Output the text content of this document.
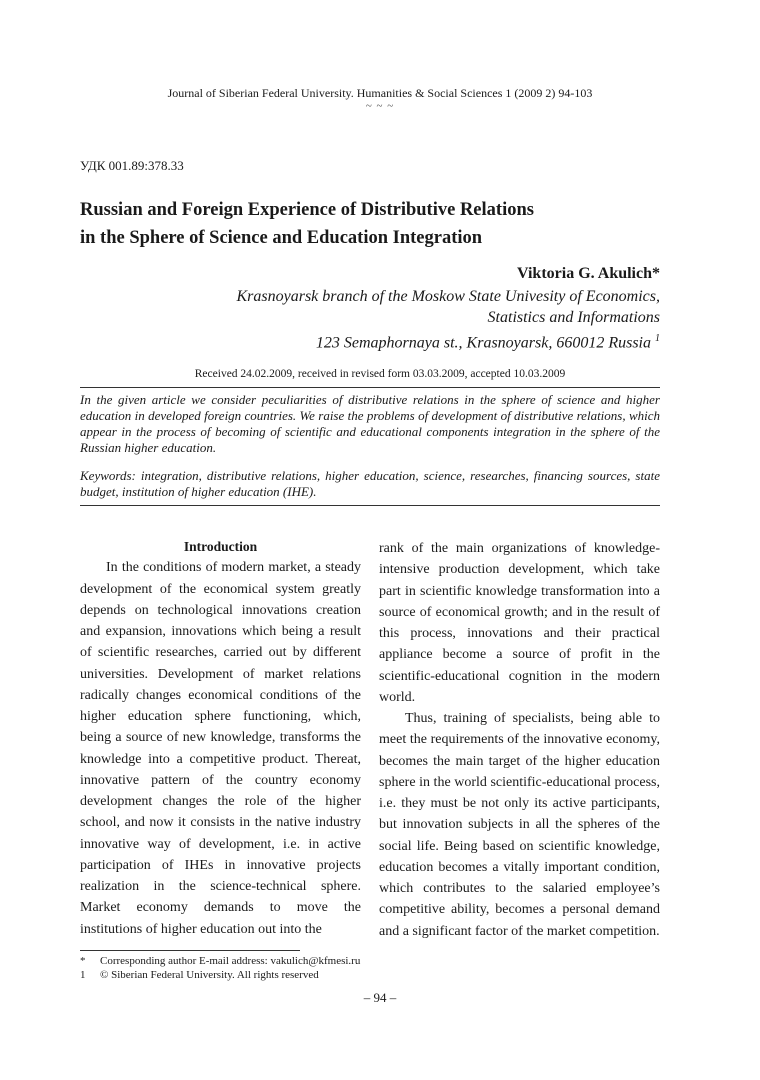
Journal of Siberian Federal University. Humanities & Social Sciences 1 (2009 2) 94-103
~ ~ ~
УДК 001.89:378.33
Russian and Foreign Experience of Distributive Relations
in the Sphere of Science and Education Integration
Viktoria G. Akulich*
Krasnoyarsk branch of the Moskow State Univesity of Economics,
Statistics and Informations
123 Semaphornaya st., Krasnoyarsk, 660012 Russia $^1$
Received 24.02.2009, received in revised form 03.03.2009, accepted 10.03.2009
In the given article we consider peculiarities of distributive relations in the sphere of science and higher education in developed foreign countries. We raise the problems of development of distributive relations, which appear in the process of becoming of scientific and educational components integration in the sphere of the Russian higher education.
Keywords: integration, distributive relations, higher education, science, researches, financing sources, state budget, institution of higher education (IHE).
Introduction

In the conditions of modern market, a steady development of the economical system greatly depends on technological innovations creation and expansion, innovations which being a result of scientific researches, carried out by different universities. Development of market relations radically changes economical conditions of the higher education sphere functioning, which, being a source of new knowledge, transforms the knowledge into a competitive product. Thereat, innovative pattern of the country economy development changes the role of the higher school, and now it consists in the native industry innovative way of development, i.e. in active participation of IHEs in innovative projects realization in the science-technical sphere. Market economy demands to move the institutions of higher education out into the

rank of the main organizations of knowledge-intensive production development, which take part in scientific knowledge transformation into a source of economical growth; and in the result of this process, innovations and their practical appliance become a source of profit in the scientific-educational cognition in the modern world.

Thus, training of specialists, being able to meet the requirements of the innovative economy, becomes the main target of the higher education sphere in the world scientific-educational process, i.e. they must be not only its active participants, but innovation subjects in all the spheres of the social life. Being based on scientific knowledge, education becomes a vitally important condition, which contributes to the salaried employee’s competitive ability, becomes a personal demand and a significant factor of the market competition.

*	Corresponding author E-mail address: vakulich@kfmesi.ru
1	© Siberian Federal University. All rights reserved
– 94 –
